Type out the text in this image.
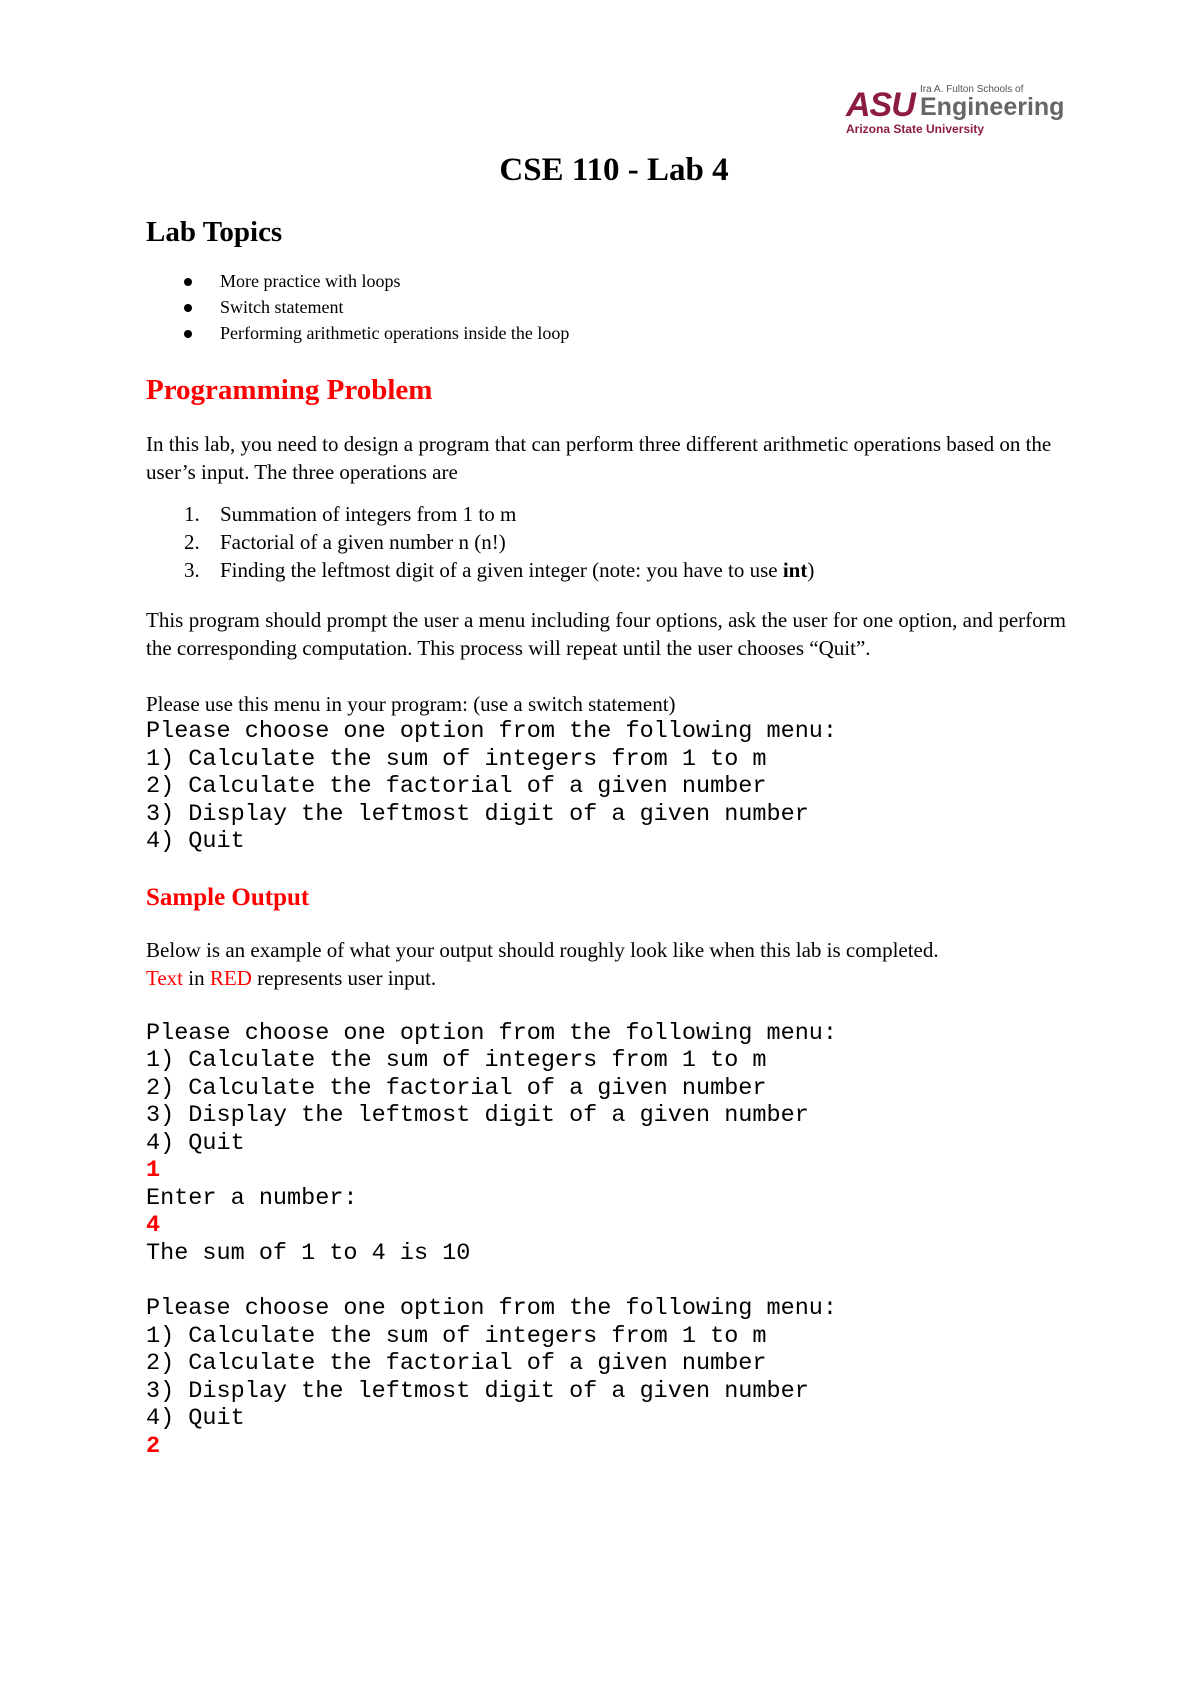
ASU Ira A. Fulton Schools of
Engineering
Arizona State University
CSE 110 - Lab 4
Lab Topics
More practice with loops
Switch statement
Performing arithmetic operations inside the loop
Programming Problem

In this lab, you need to design a program that can perform three different arithmetic operations based on the user’s input. The three operations are

1. Summation of integers from 1 to m
2. Factorial of a given number n (n!)
3. Finding the leftmost digit of a given integer (note: you have to use int)

This program should prompt the user a menu including four options, ask the user for one option, and perform the corresponding computation. This process will repeat until the user chooses “Quit”.

Please use this menu in your program: (use a switch statement)

Please choose one option from the following menu:
1) Calculate the sum of integers from 1 to m
2) Calculate the factorial of a given number
3) Display the leftmost digit of a given number
4) Quit
Sample Output

Below is an example of what your output should roughly look like when this lab is completed.

Text in RED represents user input.

Please choose one option from the following menu:
1) Calculate the sum of integers from 1 to m
2) Calculate the factorial of a given number
3) Display the leftmost digit of a given number
4) Quit
1
Enter a number:
4
The sum of 1 to 4 is 10
Please choose one option from the following menu:
1) Calculate the sum of integers from 1 to m
2) Calculate the factorial of a given number
3) Display the leftmost digit of a given number
4) Quit
2
